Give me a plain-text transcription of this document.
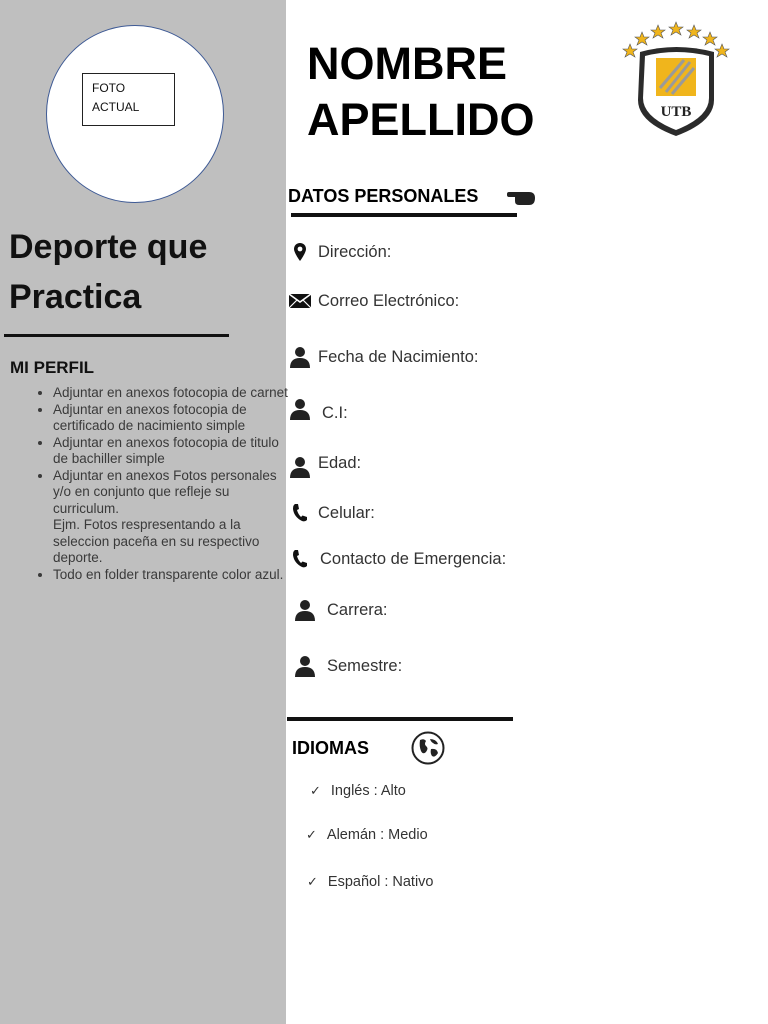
FOTO
ACTUAL
Deporte que Practica
MI PERFIL
• Adjuntar en anexos fotocopia de carnet
• Adjuntar en anexos fotocopia de certificado de nacimiento simple
• Adjuntar en anexos fotocopia de titulo de bachiller simple
• Adjuntar en anexos Fotos personales y/o en conjunto que refleje su curriculum.
Ejm. Fotos respresentando a la seleccion paceña en su respectivo deporte.
• Todo en folder transparente color azul.
NOMBRE
APELLIDO	UTB
DATOS PERSONALES
Dirección:
Correo Electrónico:
Fecha de Nacimiento:
C.I:
Edad:
Celular:
Contacto de Emergencia:
Carrera:
Semestre:
IDIOMAS
✓ Inglés : Alto
✓ Alemán : Medio
✓ Español : Nativo
